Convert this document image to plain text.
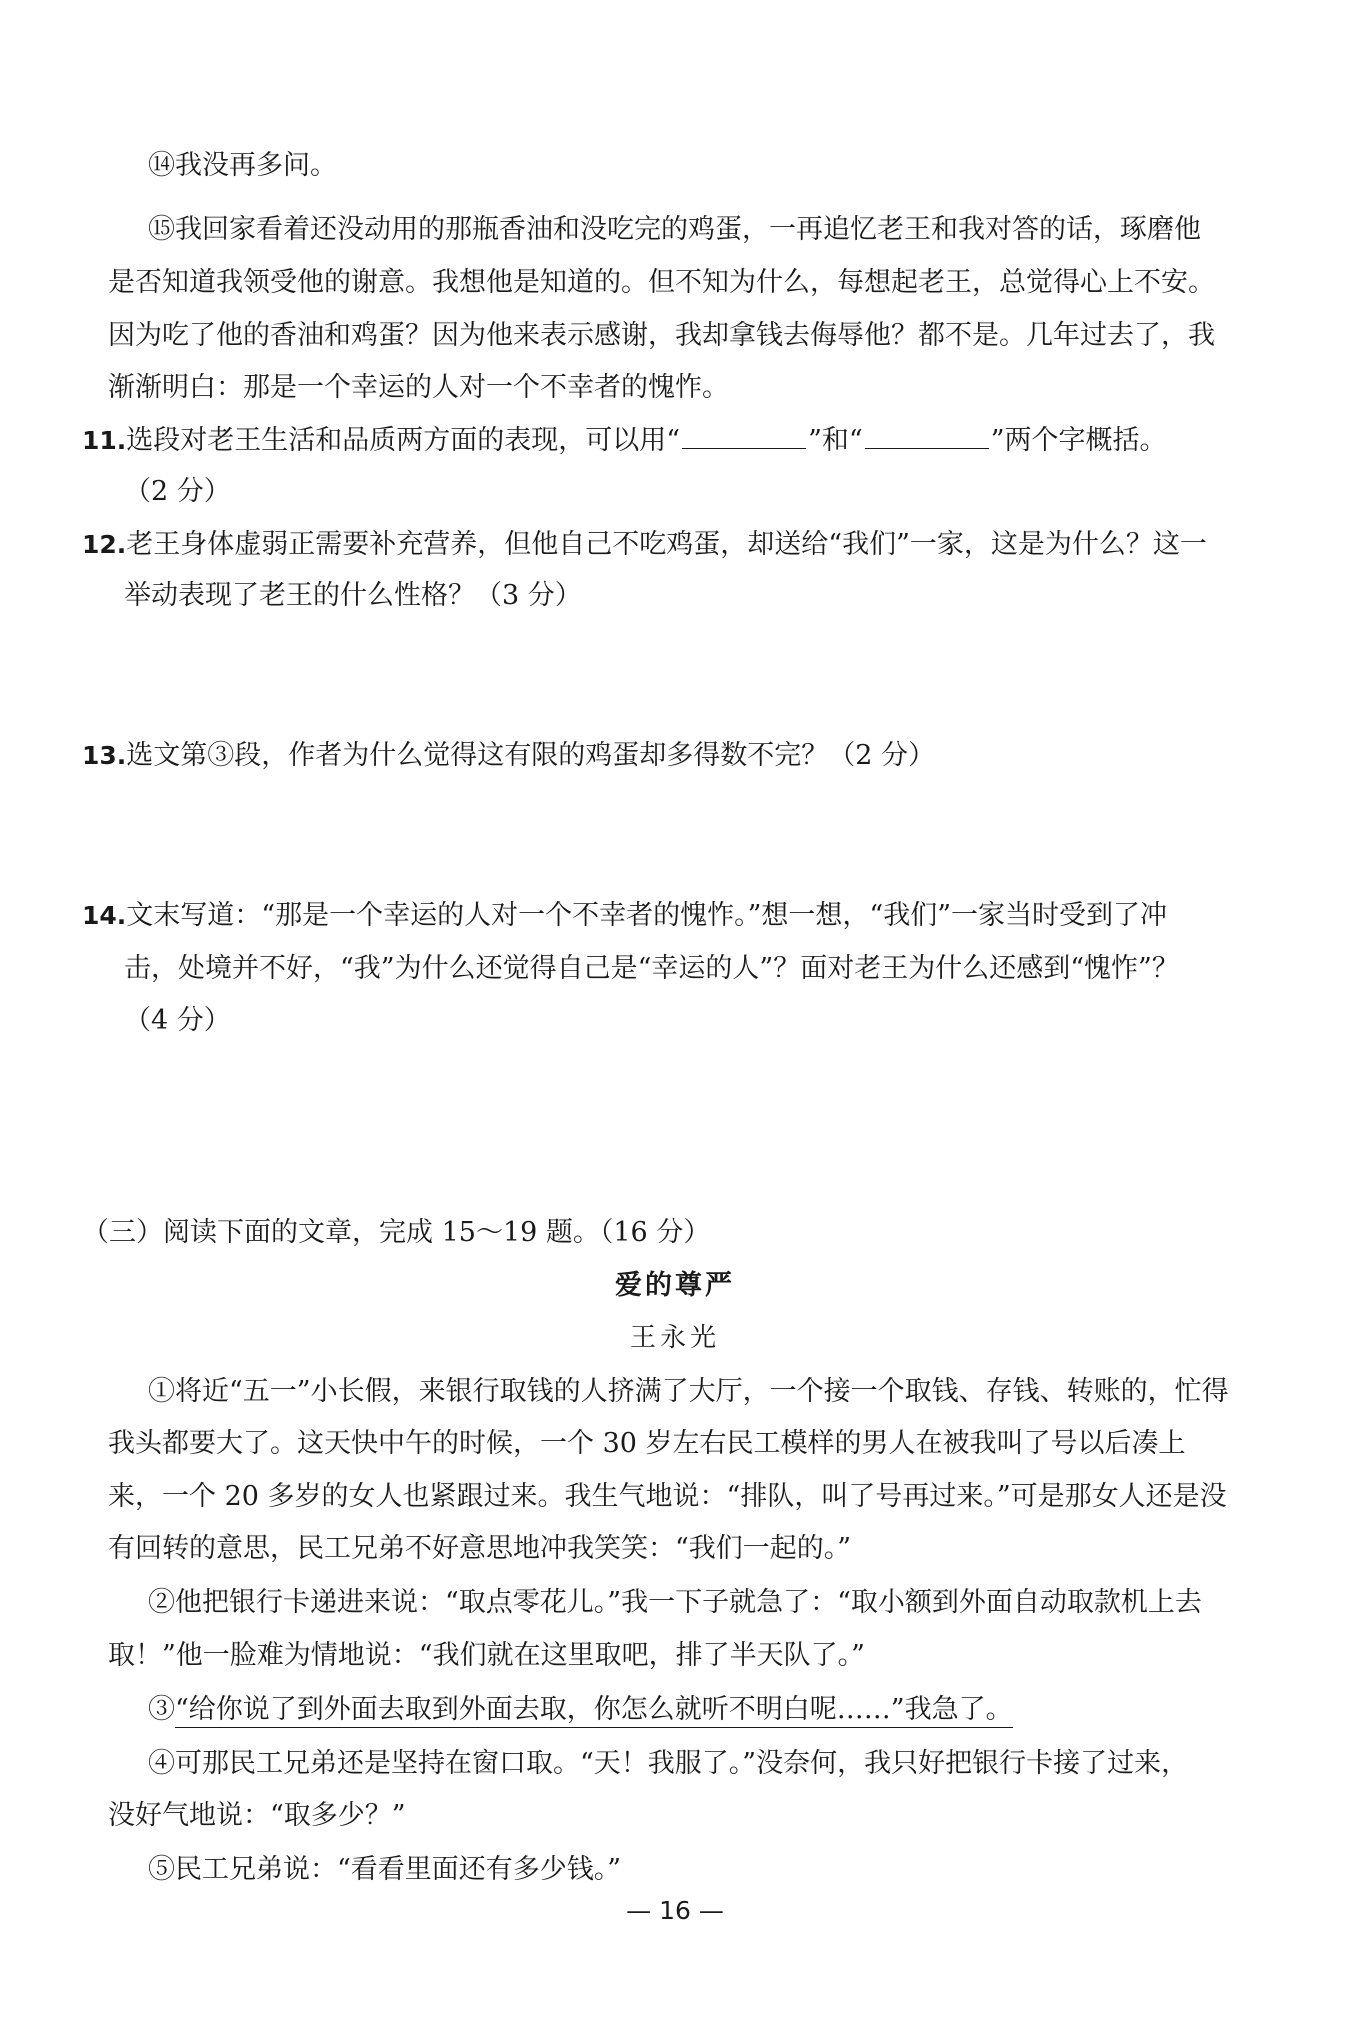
⑭我没再多问。
⑮我回家看着还没动用的那瓶香油和没吃完的鸡蛋，一再追忆老王和我对答的话，琢磨他
是否知道我领受他的谢意。我想他是知道的。但不知为什么，每想起老王，总觉得心上不安。
因为吃了他的香油和鸡蛋？因为他来表示感谢，我却拿钱去侮辱他？都不是。几年过去了，我
渐渐明白：那是一个幸运的人对一个不幸者的愧怍。
11.选段对老王生活和品质两方面的表现，可以用“	”和“	”两个字概括。
（2 分）
12.老王身体虚弱正需要补充营养，但他自己不吃鸡蛋，却送给“我们”一家，这是为什么？这一
举动表现了老王的什么性格？（3 分）
13.选文第③段，作者为什么觉得这有限的鸡蛋却多得数不完？（2 分）
14.文末写道：“那是一个幸运的人对一个不幸者的愧怍。”想一想，“我们”一家当时受到了冲
击，处境并不好，“我”为什么还觉得自己是“幸运的人”？面对老王为什么还感到“愧怍”？
（4 分）
（三）阅读下面的文章，完成 15～19 题。（16 分）
爱的尊严
王永光
①将近“五一”小长假，来银行取钱的人挤满了大厅，一个接一个取钱、存钱、转账的，忙得
我头都要大了。这天快中午的时候，一个 30 岁左右民工模样的男人在被我叫了号以后凑上
来，一个 20 多岁的女人也紧跟过来。我生气地说：“排队，叫了号再过来。”可是那女人还是没
有回转的意思，民工兄弟不好意思地冲我笑笑：“我们一起的。”
②他把银行卡递进来说：“取点零花儿。”我一下子就急了：“取小额到外面自动取款机上去
取！”他一脸难为情地说：“我们就在这里取吧，排了半天队了。”
③“给你说了到外面去取到外面去取，你怎么就听不明白呢……”我急了。
④可那民工兄弟还是坚持在窗口取。“天！我服了。”没奈何，我只好把银行卡接了过来，
没好气地说：“取多少？”
⑤民工兄弟说：“看看里面还有多少钱。”
— 16 —
